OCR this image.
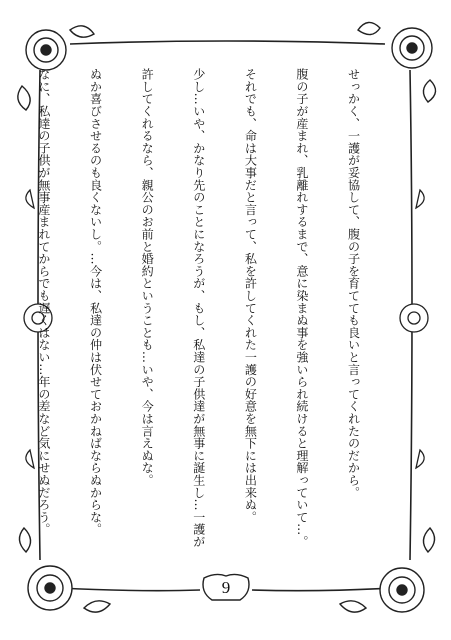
せっかく、一護が妥協して、腹の子を育てても良いと言ってくれたのだから。

腹の子が産まれ、乳離れするまで、意に染まぬ事を強いられ続けると理解っていて…。

それでも、命は大事だと言って、私を許してくれた一護の好意を無下には出来ぬ。

少し…いや、かなり先のことになろうが、もし、私達の子供達が無事に誕生し…一護が

許してくれるなら、親公のお前と婚約ということも…いや、今は言えぬな。

ぬか喜びさせるのも良くないし。…今は、私達の仲は伏せておかねばならぬからな。

なに、私達の子供が無事産まれてからでも遅くはない…年の差など気にせぬだろう。

9
